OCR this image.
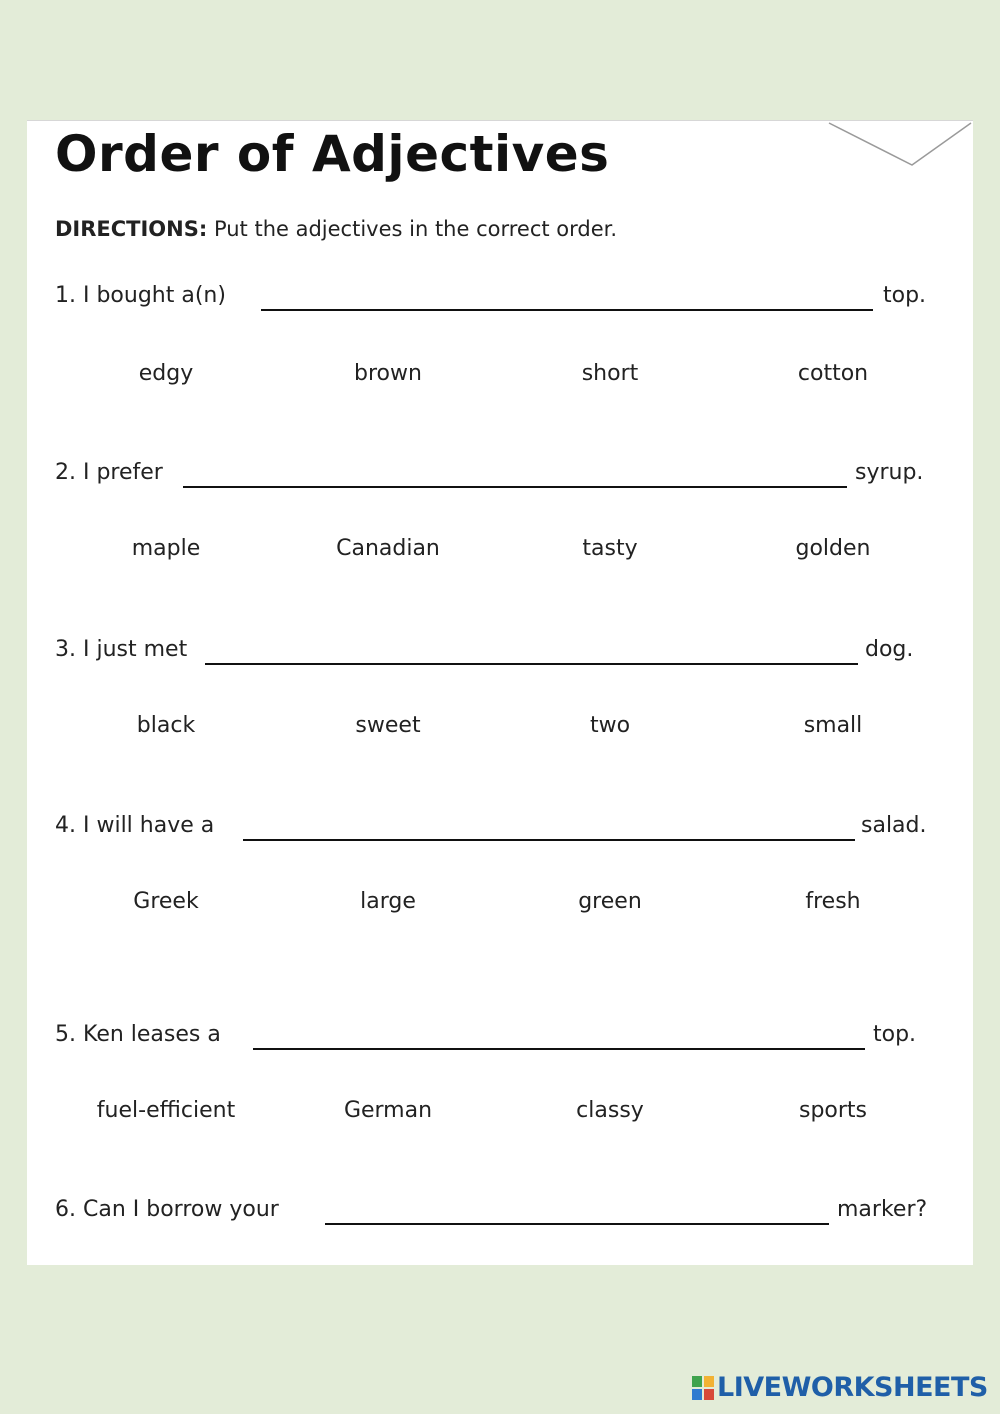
Order of Adjectives
DIRECTIONS: Put the adjectives in the correct order.
1. I bought a(n)	top.
edgy	brown	short	cotton
2. I prefer	syrup.
maple	Canadian	tasty	golden
3. I just met	dog.
black	sweet	two	small
4. I will have a	salad.
Greek	large	green	fresh
5. Ken leases a	top.
fuel-efficient	German	classy	sports
6. Can I borrow your	marker?
LIVEWORKSHEETS
